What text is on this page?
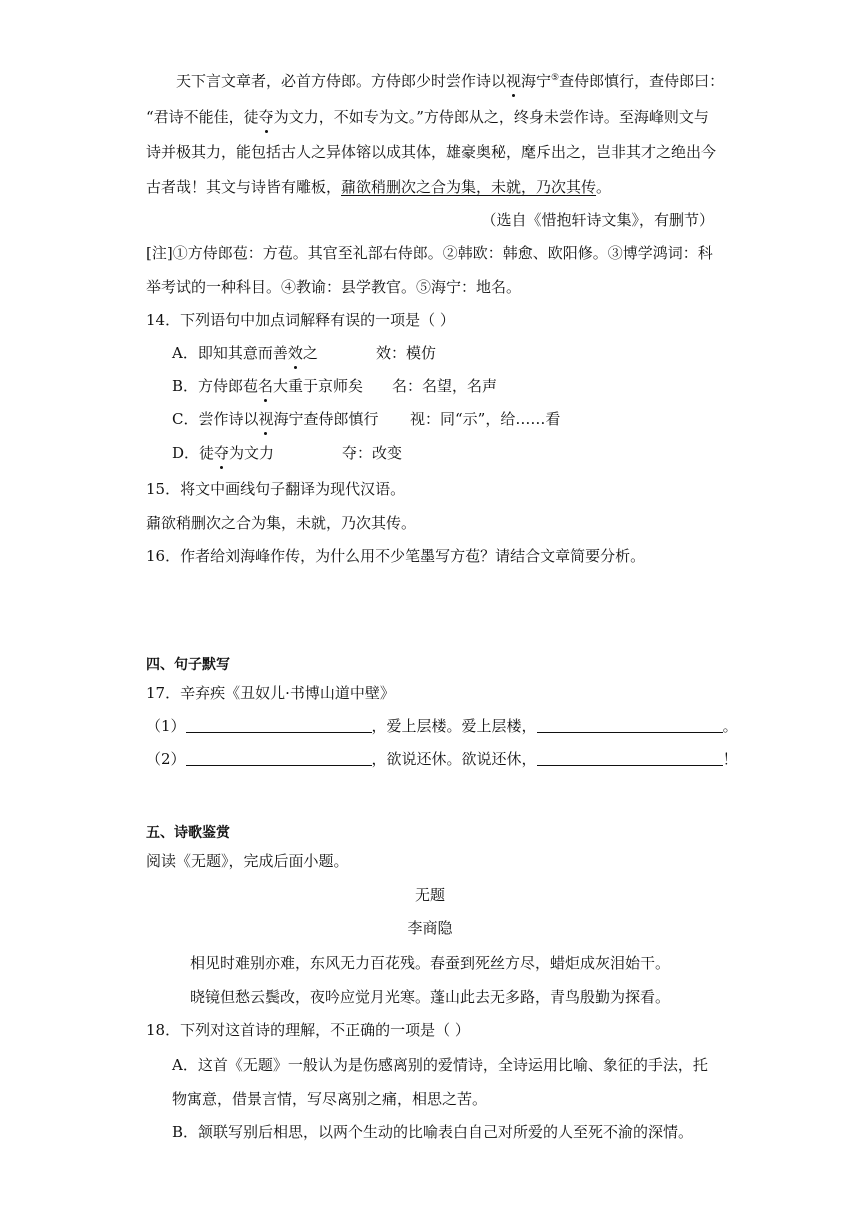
天下言文章者，必首方侍郎。方侍郎少时尝作诗以视海宁⑤查侍郎慎行，查侍郎曰：
“君诗不能佳，徒夺为文力，不如专为文。”方侍郎从之，终身未尝作诗。至海峰则文与
诗并极其力，能包括古人之异体镕以成其体，雄豪奥秘，麾斥出之，岂非其才之绝出今
古者哉！其文与诗皆有雕板，鼐欲稍删次之合为集，未就，乃次其传。
（选自《惜抱轩诗文集》，有删节）
[注]①方侍郎苞：方苞。其官至礼部右侍郎。②韩欧：韩愈、欧阳修。③博学鸿词：科
举考试的一种科目。④教谕：县学教官。⑤海宁：地名。
14．下列语句中加点词解释有误的一项是（ ）
A．即知其意而善效之	效：模仿
B．方侍郎苞名大重于京师矣 名：名望，名声
C．尝作诗以视海宁查侍郎慎行 视：同“示”，给……看
D．徒夺为文力	夺：改变
15．将文中画线句子翻译为现代汉语。
鼐欲稍删次之合为集，未就，乃次其传。
16．作者给刘海峰作传，为什么用不少笔墨写方苞？请结合文章简要分析。
四、句子默写
17．辛弃疾《丑奴儿·书博山道中壁》
（1）	，爱上层楼。爱上层楼，	。
（2）	，欲说还休。欲说还休，	！
五、诗歌鉴赏
阅读《无题》，完成后面小题。
无题
李商隐
相见时难别亦难，东风无力百花残。春蚕到死丝方尽，蜡炬成灰泪始干。
晓镜但愁云鬓改，夜吟应觉月光寒。蓬山此去无多路，青鸟殷勤为探看。
18．下列对这首诗的理解，不正确的一项是（ ）
A．这首《无题》一般认为是伤感离别的爱情诗，全诗运用比喻、象征的手法，托
物寓意，借景言情，写尽离别之痛，相思之苦。
B．颔联写别后相思，以两个生动的比喻表白自己对所爱的人至死不渝的深情。
